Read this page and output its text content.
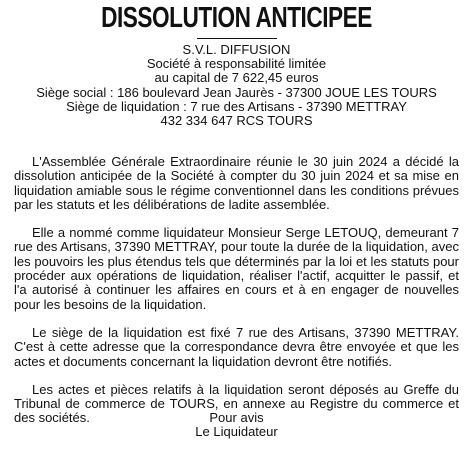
DISSOLUTION ANTICIPEE
S.V.L. DIFFUSION
Société à responsabilité limitée
au capital de 7 622,45 euros
Siège social : 186 boulevard Jean Jaurès - 37300 JOUE LES TOURS
Siège de liquidation : 7 rue des Artisans - 37390 METTRAY
432 334 647 RCS TOURS

L'Assemblée Générale Extraordinaire réunie le 30 juin 2024 a décidé la dissolution anticipée de la Société à compter du 30 juin 2024 et sa mise en liquidation amiable sous le régime conventionnel dans les conditions prévues par les statuts et les délibérations de ladite assemblée.

Elle a nommé comme liquidateur Monsieur Serge LETOUQ, demeurant 7 rue des Artisans, 37390 METTRAY, pour toute la durée de la liquidation, avec les pouvoirs les plus étendus tels que déterminés par la loi et les statuts pour procéder aux opérations de liquidation, réaliser l'actif, acquitter le passif, et l'a autorisé à continuer les affaires en cours et à en engager de nouvelles pour les besoins de la liquidation.

Le siège de la liquidation est fixé 7 rue des Artisans, 37390 METTRAY. C'est à cette adresse que la correspondance devra être envoyée et que les actes et documents concernant la liquidation devront être notifiés.

Les actes et pièces relatifs à la liquidation seront déposés au Greffe du Tribunal de commerce de TOURS, en annexe au Registre du commerce et des sociétés.	Pour avis
Le Liquidateur
